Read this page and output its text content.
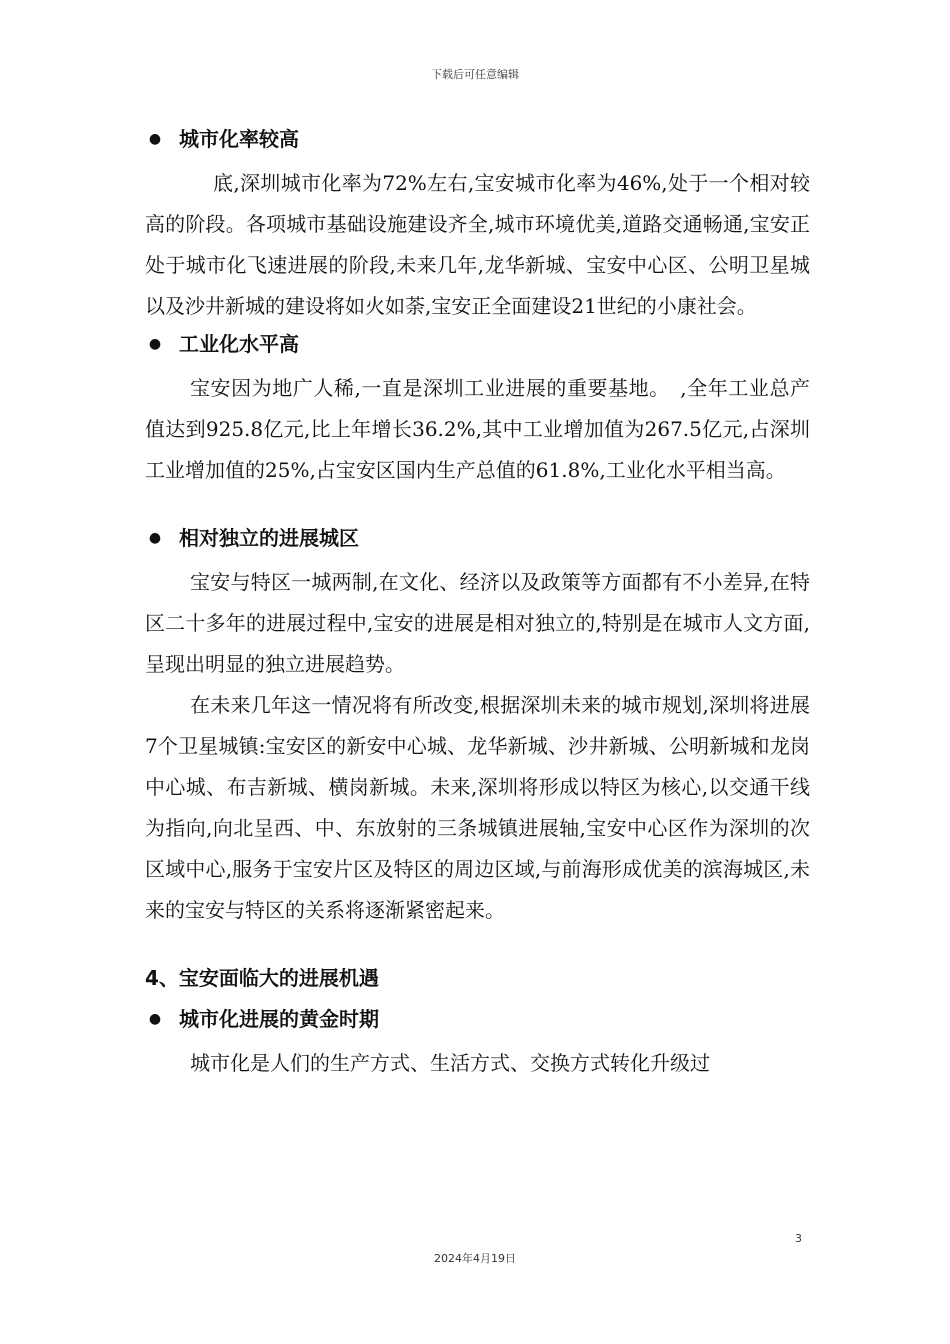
下载后可任意编辑
● 城市化率较高

底,深圳城市化率为72%左右,宝安城市化率为46%,处于一个相对较高的阶段。各项城市基础设施建设齐全,城市环境优美,道路交通畅通,宝安正处于城市化飞速进展的阶段,未来几年,龙华新城、宝安中心区、公明卫星城以及沙井新城的建设将如火如荼,宝安正全面建设21世纪的小康社会。

● 工业化水平高

宝安因为地广人稀,一直是深圳工业进展的重要基地。　,全年工业总产值达到925.8亿元,比上年增长36.2%,其中工业增加值为267.5亿元,占深圳工业增加值的25%,占宝安区国内生产总值的61.8%,工业化水平相当高。

● 相对独立的进展城区

宝安与特区一城两制,在文化、经济以及政策等方面都有不小差异,在特区二十多年的进展过程中,宝安的进展是相对独立的,特别是在城市人文方面,呈现出明显的独立进展趋势。

在未来几年这一情况将有所改变,根据深圳未来的城市规划,深圳将进展7个卫星城镇:宝安区的新安中心城、龙华新城、沙井新城、公明新城和龙岗中心城、布吉新城、横岗新城。未来,深圳将形成以特区为核心,以交通干线为指向,向北呈西、中、东放射的三条城镇进展轴,宝安中心区作为深圳的次区域中心,服务于宝安片区及特区的周边区域,与前海形成优美的滨海城区,未来的宝安与特区的关系将逐渐紧密起来。

4、宝安面临大的进展机遇
● 城市化进展的黄金时期

城市化是人们的生产方式、生活方式、交换方式转化升级过

3
2024年4月19日
